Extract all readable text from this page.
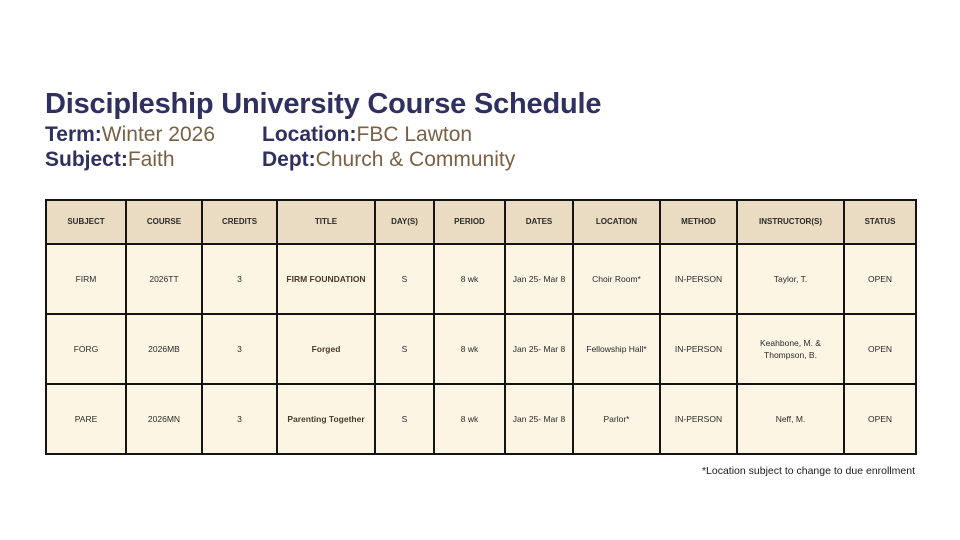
Discipleship University Course Schedule
Term:Winter 2026
Subject:Faith
Location:FBC Lawton
Dept:Church & Community
SUBJECT	COURSE	CREDITS	TITLE	DAY(S)	PERIOD	DATES	LOCATION	METHOD	INSTRUCTOR(S)	STATUS
FIRM	2026TT	3	FIRM FOUNDATION	S	8 wk	Jan 25- Mar 8	Choir Room*	IN-PERSON	Taylor, T.	OPEN
FORG	2026MB	3	Forged	S	8 wk	Jan 25- Mar 8	Fellowship Hall*	IN-PERSON	Keahbone, M. & Thompson, B.	OPEN
PARE	2026MN	3	Parenting Together	S	8 wk	Jan 25- Mar 8	Parlor*	IN-PERSON	Neff, M.	OPEN
*Location subject to change to due enrollment
